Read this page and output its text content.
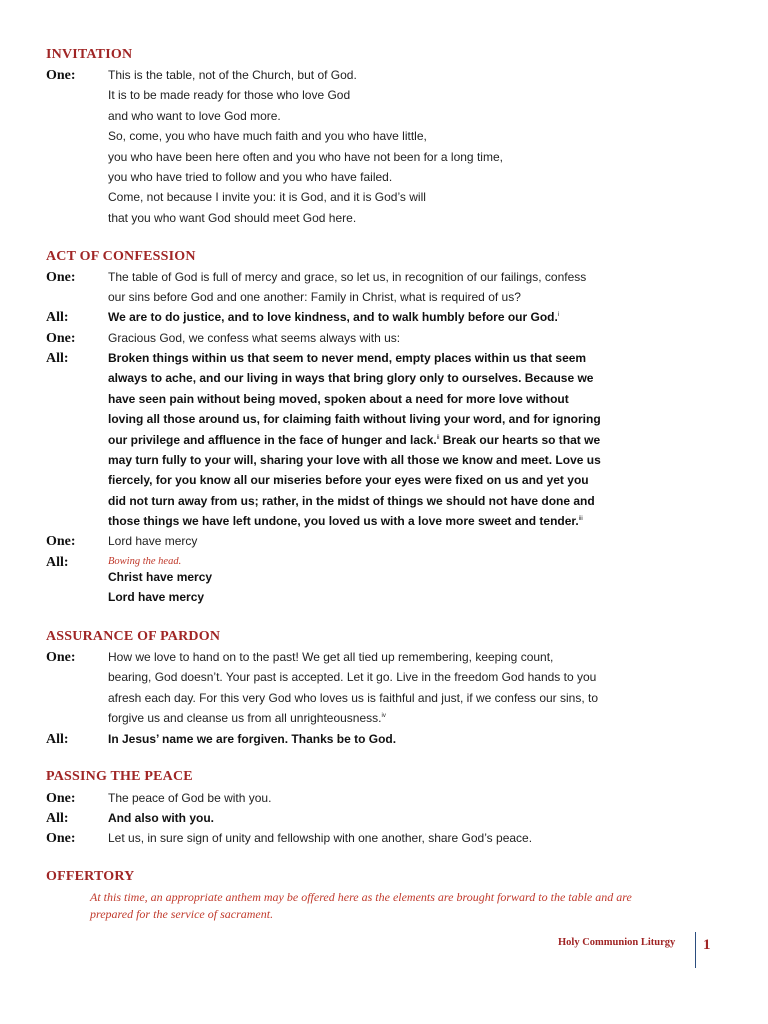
INVITATION
One:	This is the table, not of the Church, but of God.
It is to be made ready for those who love God
and who want to love God more.
So, come, you who have much faith and you who have little,
you who have been here often and you who have not been for a long time,
you who have tried to follow and you who have failed.
Come, not because I invite you: it is God, and it is God’s will
that you who want God should meet God here.
ACT OF CONFESSION
One:	The table of God is full of mercy and grace, so let us, in recognition of our failings, confess
our sins before God and one another: Family in Christ, what is required of us?
All:	We are to do justice, and to love kindness, and to walk humbly before our God.$^i$
One:	Gracious God, we confess what seems always with us:
All:	Broken things within us that seem to never mend, empty places within us that seem
always to ache, and our living in ways that bring glory only to ourselves. Because we
have seen pain without being moved, spoken about a need for more love without
loving all those around us, for claiming faith without living your word, and for ignoring
our privilege and affluence in the face of hunger and lack.$^{ii}$ Break our hearts so that we
may turn fully to your will, sharing your love with all those we know and meet. Love us
fiercely, for you know all our miseries before your eyes were fixed on us and yet you
did not turn away from us; rather, in the midst of things we should not have done and
those things we have left undone, you loved us with a love more sweet and tender.$^{iii}$
One:	Lord have mercy
All:	Bowing the head.
Christ have mercy
Lord have mercy
ASSURANCE OF PARDON
One:	How we love to hand on to the past! We get all tied up remembering, keeping count,
bearing, God doesn’t. Your past is accepted. Let it go. Live in the freedom God hands to you
afresh each day. For this very God who loves us is faithful and just, if we confess our sins, to
forgive us and cleanse us from all unrighteousness.$^{iv}$
All:	In Jesus’ name we are forgiven. Thanks be to God.
PASSING THE PEACE
One:	The peace of God be with you.
All:	And also with you.
One:	Let us, in sure sign of unity and fellowship with one another, share God’s peace.
OFFERTORY
At this time, an appropriate anthem may be offered here as the elements are brought forward to the table and are
prepared for the service of sacrament.
Holy Communion Liturgy 1
